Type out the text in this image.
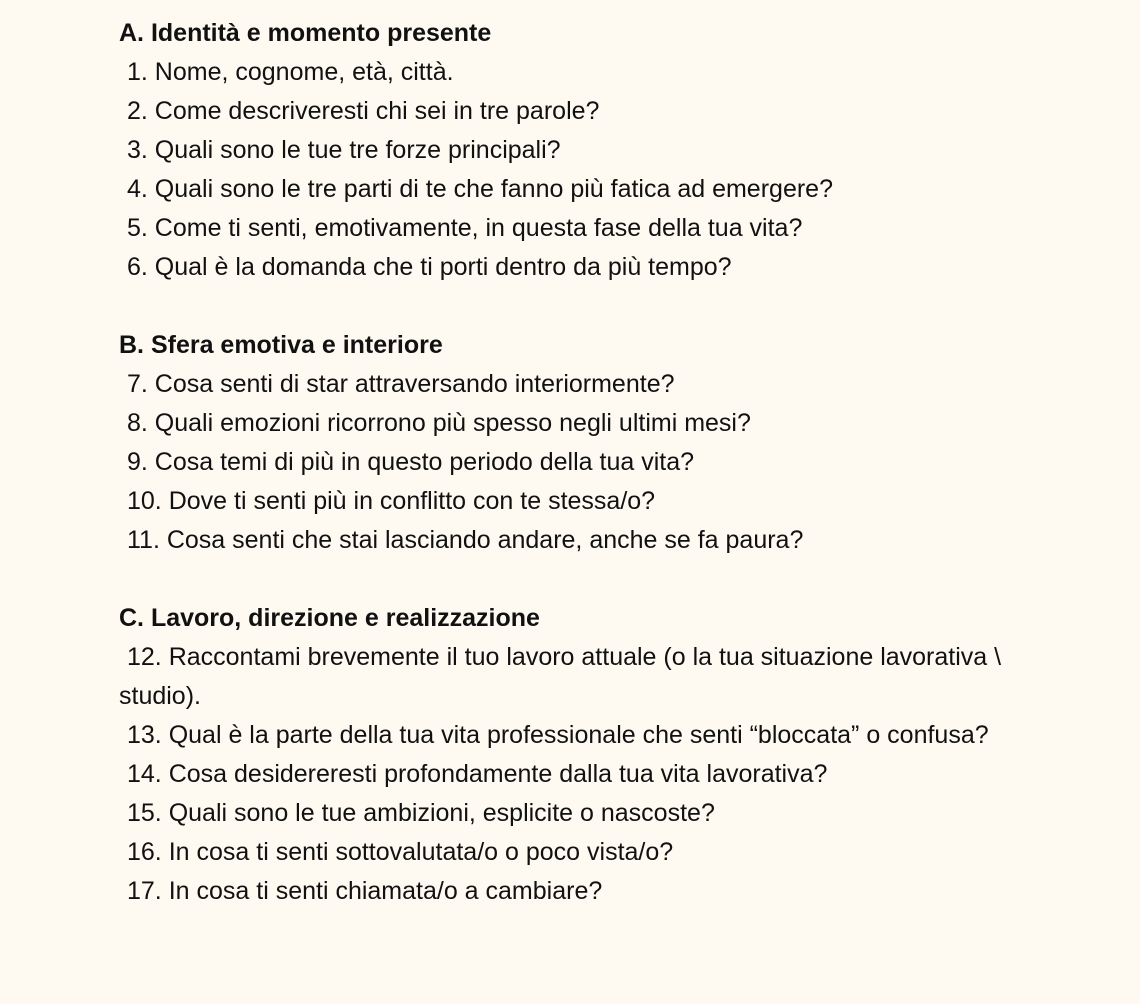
A. Identità e momento presente
1. Nome, cognome, età, città.
2. Come descriveresti chi sei in tre parole?
3. Quali sono le tue tre forze principali?
4. Quali sono le tre parti di te che fanno più fatica ad emergere?
5. Come ti senti, emotivamente, in questa fase della tua vita?
6. Qual è la domanda che ti porti dentro da più tempo?
B. Sfera emotiva e interiore
7. Cosa senti di star attraversando interiormente?
8. Quali emozioni ricorrono più spesso negli ultimi mesi?
9. Cosa temi di più in questo periodo della tua vita?
10. Dove ti senti più in conflitto con te stessa/o?
11. Cosa senti che stai lasciando andare, anche se fa paura?
C. Lavoro, direzione e realizzazione
12. Raccontami brevemente il tuo lavoro attuale (o la tua situazione lavorativa \ studio).
13. Qual è la parte della tua vita professionale che senti “bloccata” o confusa?
14. Cosa desidereresti profondamente dalla tua vita lavorativa?
15. Quali sono le tue ambizioni, esplicite o nascoste?
16. In cosa ti senti sottovalutata/o o poco vista/o?
17. In cosa ti senti chiamata/o a cambiare?
